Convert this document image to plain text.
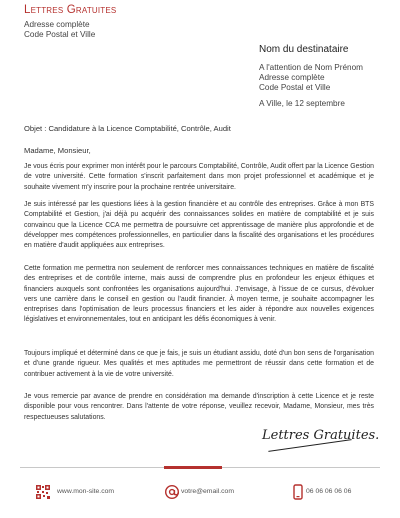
Lettres Gratuites
Adresse complète
Code Postal et Ville
Nom du destinataire
A l'attention de Nom Prénom
Adresse complète
Code Postal et Ville
A Ville, le 12 septembre
Objet : Candidature à la Licence Comptabilité, Contrôle, Audit
Madame, Monsieur,
Je vous écris pour exprimer mon intérêt pour le parcours Comptabilité, Contrôle, Audit offert par la Licence Gestion de votre université. Cette formation s'inscrit parfaitement dans mon projet professionnel et académique et je souhaite vivement m'y inscrire pour la prochaine rentrée universitaire.
Je suis intéressé par les questions liées à la gestion financière et au contrôle des entreprises. Grâce à mon BTS Comptabilité et Gestion, j'ai déjà pu acquérir des connaissances solides en matière de comptabilité et je suis convaincu que la Licence CCA me permettra de poursuivre cet apprentissage de manière plus approfondie et de développer mes compétences professionnelles, en particulier dans la fiscalité des organisations et les procédures en matière d'audit appliquées aux entreprises.
Cette formation me permettra non seulement de renforcer mes connaissances techniques en matière de fiscalité des entreprises et de contrôle interne, mais aussi de comprendre plus en profondeur les enjeux éthiques et financiers auxquels sont confrontées les organisations aujourd'hui. J'envisage, à l'issue de ce cursus, d'évoluer vers une carrière dans le conseil en gestion ou l'audit financier. À moyen terme, je souhaite accompagner les entreprises dans l'optimisation de leurs processus financiers et les aider à répondre aux nouvelles exigences législatives et environnementales, tout en anticipant les défis économiques à venir.
Toujours impliqué et déterminé dans ce que je fais, je suis un étudiant assidu, doté d'un bon sens de l'organisation et d'une grande rigueur. Mes qualités et mes aptitudes me permettront de réussir dans cette formation et de contribuer activement à la vie de votre université.
Je vous remercie par avance de prendre en considération ma demande d'inscription à cette Licence et je reste disponible pour vous rencontrer. Dans l'attente de votre réponse, veuillez recevoir, Madame, Monsieur, mes très respectueuses salutations.
Lettres Gratuites.
www.mon-site.com	votre@email.com	06 06 06 06 06
